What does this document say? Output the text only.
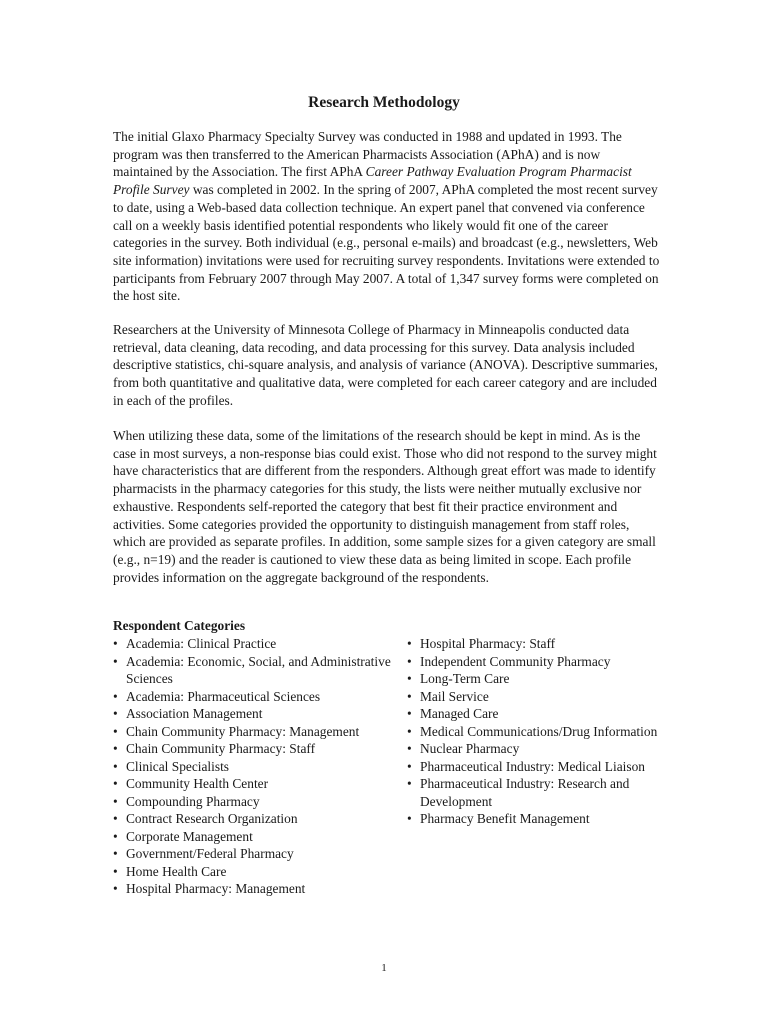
Research Methodology

The initial Glaxo Pharmacy Specialty Survey was conducted in 1988 and updated in 1993. The program was then transferred to the American Pharmacists Association (APhA) and is now maintained by the Association. The first APhA Career Pathway Evaluation Program Pharmacist Profile Survey was completed in 2002. In the spring of 2007, APhA completed the most recent survey to date, using a Web-based data collection technique. An expert panel that convened via conference call on a weekly basis identified potential respondents who likely would fit one of the career categories in the survey. Both individual (e.g., personal e-mails) and broadcast (e.g., newsletters, Web site information) invitations were used for recruiting survey respondents. Invitations were extended to participants from February 2007 through May 2007. A total of 1,347 survey forms were completed on the host site.

Researchers at the University of Minnesota College of Pharmacy in Minneapolis conducted data retrieval, data cleaning, data recoding, and data processing for this survey. Data analysis included descriptive statistics, chi-square analysis, and analysis of variance (ANOVA). Descriptive summaries, from both quantitative and qualitative data, were completed for each career category and are included in each of the profiles.

When utilizing these data, some of the limitations of the research should be kept in mind. As is the case in most surveys, a non-response bias could exist. Those who did not respond to the survey might have characteristics that are different from the responders. Although great effort was made to identify pharmacists in the pharmacy categories for this study, the lists were neither mutually exclusive nor exhaustive. Respondents self-reported the category that best fit their practice environment and activities. Some categories provided the opportunity to distinguish management from staff roles, which are provided as separate profiles. In addition, some sample sizes for a given category are small (e.g., n=19) and the reader is cautioned to view these data as being limited in scope. Each profile provides information on the aggregate background of the respondents.

Respondent Categories
• Academia: Clinical Practice
• Academia: Economic, Social, and Administrative Sciences
• Academia: Pharmaceutical Sciences
• Association Management
• Chain Community Pharmacy: Management
• Chain Community Pharmacy: Staff
• Clinical Specialists
• Community Health Center
• Compounding Pharmacy
• Contract Research Organization
• Corporate Management
• Government/Federal Pharmacy
• Home Health Care
• Hospital Pharmacy: Management
• Hospital Pharmacy: Staff
• Independent Community Pharmacy
• Long-Term Care
• Mail Service
• Managed Care
• Medical Communications/Drug Information
• Nuclear Pharmacy
• Pharmaceutical Industry: Medical Liaison
• Pharmaceutical Industry: Research and Development
• Pharmacy Benefit Management
1
